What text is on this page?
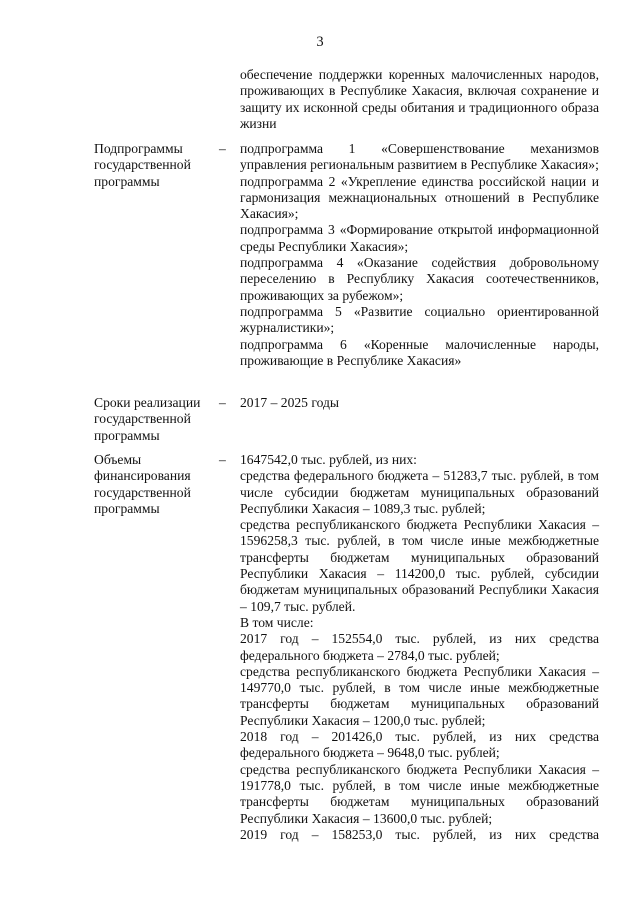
3

обеспечение поддержки коренных малочисленных народов, проживающих в Республике Хакасия, включая сохранение и защиту их исконной среды обитания и традиционного образа жизни

Подпрограммы государственной программы
– подпрограмма 1 «Совершенствование механизмов управления региональным развитием в Республике Хакасия»;

подпрограмма 2 «Укрепление единства российской нации и гармонизация межнациональных отношений в Республике Хакасия»;

подпрограмма 3 «Формирование открытой информационной среды Республики Хакасия»;

подпрограмма 4 «Оказание содействия добровольному переселению в Республику Хакасия соотечественников, проживающих за рубежом»;

подпрограмма 5 «Развитие социально ориентированной журналистики»;

подпрограмма 6 «Коренные малочисленные народы, проживающие в Республике Хакасия»

Сроки реализации государственной программы
– 2017 – 2025 годы

Объемы финансирования государственной программы
– 1647542,0 тыс. рублей, из них:

средства федерального бюджета – 51283,7 тыс. рублей, в том числе субсидии бюджетам муниципальных образований Республики Хакасия – 1089,3 тыс. рублей;

средства республиканского бюджета Республики Хакасия – 1596258,3 тыс. рублей, в том числе иные межбюджетные трансферты бюджетам муниципальных образований Республики Хакасия – 114200,0 тыс. рублей, субсидии бюджетам муниципальных образований Республики Хакасия – 109,7 тыс. рублей.

В том числе:

2017 год – 152554,0 тыс. рублей, из них средства федерального бюджета – 2784,0 тыс. рублей;

средства республиканского бюджета Республики Хакасия – 149770,0 тыс. рублей, в том числе иные межбюджетные трансферты бюджетам муниципальных образований Республики Хакасия – 1200,0 тыс. рублей;

2018 год – 201426,0 тыс. рублей, из них средства федерального бюджета – 9648,0 тыс. рублей;

средства республиканского бюджета Республики Хакасия – 191778,0 тыс. рублей, в том числе иные межбюджетные трансферты бюджетам муниципальных образований Республики Хакасия – 13600,0 тыс. рублей;

2019 год – 158253,0 тыс. рублей, из них средства
